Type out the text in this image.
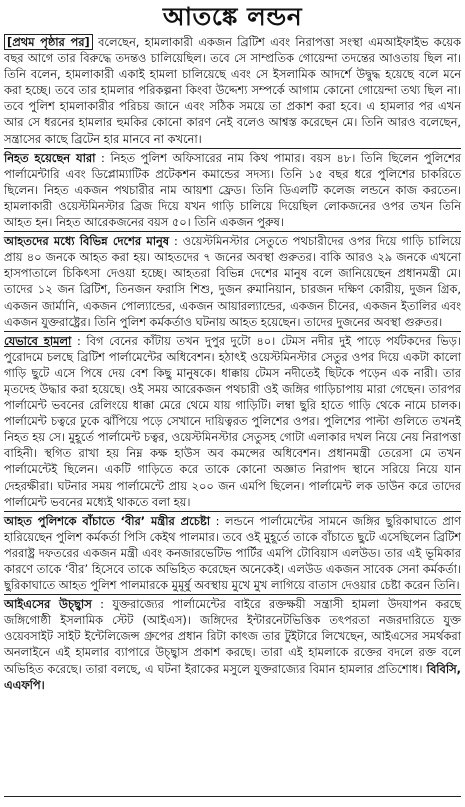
আতঙ্কে লন্ডন

[প্রথম পৃষ্ঠার পর] বলেছেন, হামলাকারী একজন ব্রিটিশ এবং নিরাপত্তা সংস্থা এমআইফাইভ কয়েক বছর আগে তার বিরুদ্ধে তদন্তও চালিয়েছিল। তবে সে সাম্প্রতিক গোয়েন্দা তদন্তের আওতায় ছিল না। তিনি বলেন, হামলাকারী একাই হামলা চালিয়েছে এবং সে ইসলামিক আদর্শে উদ্বুদ্ধ হয়েছে বলে মনে করা হচ্ছে। তবে তার হামলার পরিকল্পনা কিংবা উদ্দেশ্য সম্পর্কে আগাম কোনো গোয়েন্দা তথ্য ছিল না। তবে পুলিশ হামলাকারীর পরিচয় জানে এবং সঠিক সময়ে তা প্রকাশ করা হবে। এ হামলার পর এখন আর সে ধরনের হামলার হুমকির কোনো কারণ নেই বলেও আশ্বস্ত করেছেন মে। তিনি আরও বলেছেন, সন্ত্রাসের কাছে ব্রিটেন হার মানবে না কখনো।

নিহত হয়েছেন যারা : নিহত পুলিশ অফিসারের নাম কিথ পামার। বয়স ৪৮। তিনি ছিলেন পুলিশের পার্লামেন্টারি এবং ডিপ্লোম্যাটিক প্রটেকশন কমান্ডের সদস্য। তিনি ১৫ বছর ধরে পুলিশের চাকরিতে ছিলেন। নিহত একজন পথচারীর নাম আয়শা ফ্রেড। তিনি ডিএলটি কলেজ লন্ডনে কাজ করতেন। হামলাকারী ওয়েস্টমিনস্টার ব্রিজ দিয়ে যখন গাড়ি চালিয়ে দিয়েছিল লোকজনের ওপর তখন তিনি আহত হন। নিহত আরেকজনের বয়স ৫০। তিনি একজন পুরুষ।

আহতদের মধ্যে বিভিন্ন দেশের মানুষ : ওয়েস্টমিনস্টার সেতুতে পথচারীদের ওপর দিয়ে গাড়ি চালিয়ে প্রায় ৪০ জনকে আহত করা হয়। আহতদের ৭ জনের অবস্থা গুরুতর। বাকি আরও ২৯ জনকে এখনো হাসপাতালে চিকিৎসা দেওয়া হচ্ছে। আহতরা বিভিন্ন দেশের মানুষ বলে জানিয়েছেন প্রধানমন্ত্রী মে। তাদের ১২ জন ব্রিটিশ, তিনজন ফরাসি শিশু, দুজন রুমানিয়ান, চারজন দক্ষিণ কোরীয়, দুজন গ্রিক, একজন জার্মানি, একজন পোল্যান্ডের, একজন আয়ারল্যান্ডের, একজন চীনের, একজন ইতালির এবং একজন যুক্তরাষ্ট্রের। তিনি পুলিশ কর্মকর্তাও ঘটনায় আহত হয়েছেন। তাদের দুজনের অবস্থা গুরুতর।

যেভাবে হামলা : বিগ বেনের কাঁটায় তখন দুপুর দুটো ৪০। টেমস নদীর দুই পাড়ে পর্যটকদের ভিড়। পুরোদমে চলছে ব্রিটিশ পার্লামেন্টের অধিবেশন। হঠাৎই ওয়েস্টমিনস্টার সেতুর ওপর দিয়ে একটা কালো গাড়ি ছুটে এসে পিষে দেয় বেশ কিছু মানুষকে। ধাক্কায় টেমস নদীতেই ছিটকে পড়েন এক নারী। তার মৃতদেহ উদ্ধার করা হয়েছে। ওই সময় আরেকজন পথচারী ওই জঙ্গির গাড়িচাপায় মারা গেছেন। তারপর পার্লামেন্ট ভবনের রেলিংয়ে ধাক্কা মেরে থেমে যায় গাড়িটি। লম্বা ছুরি হাতে গাড়ি থেকে নামে চালক। পার্লামেন্ট চত্বরে ঢুকে ঝাঁপিয়ে পড়ে সেখানে দায়িত্বরত পুলিশের ওপর। পুলিশের পাল্টা গুলিতে তখনই নিহত হয় সে। মুহূর্তে পার্লামেন্ট চত্বর, ওয়েস্টমিনস্টার সেতুসহ গোটা এলাকার দখল নিয়ে নেয় নিরাপত্তা বাহিনী। স্থগিত রাখা হয় নিম্ন কক্ষ হাউস অব কমন্সের অধিবেশন। প্রধানমন্ত্রী তেরেসা মে তখন পার্লামেন্টেই ছিলেন। একটি গাড়িতে করে তাকে কোনো অজ্ঞাত নিরাপদ স্থানে সরিয়ে নিয়ে যান দেহরক্ষীরা। ঘটনার সময় পার্লামেন্টে প্রায় ২০০ জন এমপি ছিলেন। পার্লামেন্ট লক ডাউন করে তাদের পার্লামেন্ট ভবনের মধ্যেই থাকতে বলা হয়।

আহত পুলিশকে বাঁচাতে ‘বীর’ মন্ত্রীর প্রচেষ্টা : লন্ডনে পার্লামেন্টের সামনে জঙ্গির ছুরিকাঘাতে প্রাণ হারিয়েছেন পুলিশ কর্মকর্তা পিসি কেইথ পালমার। তবে ওই মুহূর্তে তাকে বাঁচাতে ছুটে এসেছিলেন ব্রিটিশ পররাষ্ট্র দফতরের একজন মন্ত্রী এবং কনজারভেটিভ পার্টির এমপি টোবিয়াস এলউড। তার এই ভূমিকার কারণে তাকে ‘বীর’ হিসেবে তাকে অভিহিত করেছেন অনেকেই। এলউড একজন সাবেক সেনা কর্মকর্তা। ছুরিকাঘাতে আহত পুলিশ পালমারকে মুমূর্ষু অবস্থায় মুখে মুখ লাগিয়ে বাতাস দেওয়ার চেষ্টা করেন তিনি।

আইএসের উচ্ছ্বাস : যুক্তরাজ্যের পার্লামেন্টের বাইরে রক্তক্ষয়ী সন্ত্রাসী হামলা উদযাপন করছে জঙ্গিগোষ্ঠী ইসলামিক স্টেট (আইএস)। জঙ্গিদের ইন্টারনেটভিত্তিক তৎপরতা নজরদারিতে যুক্ত ওয়েবসাইট সাইট ইন্টেলিজেন্স গ্রুপের প্রধান রিটা কাৎজ তার টুইটারে লিখেছেন, আইএসের সমর্থকরা অনলাইনে এই হামলার ব্যাপারে উচ্ছ্বাস প্রকাশ করছে। তারা এই হামলাকে রক্তের বদলে রক্ত বলে অভিহিত করেছে। তারা বলছে, এ ঘটনা ইরাকের মসুলে যুক্তরাজ্যের বিমান হামলার প্রতিশোধ। বিবিসি, এএফপি।
